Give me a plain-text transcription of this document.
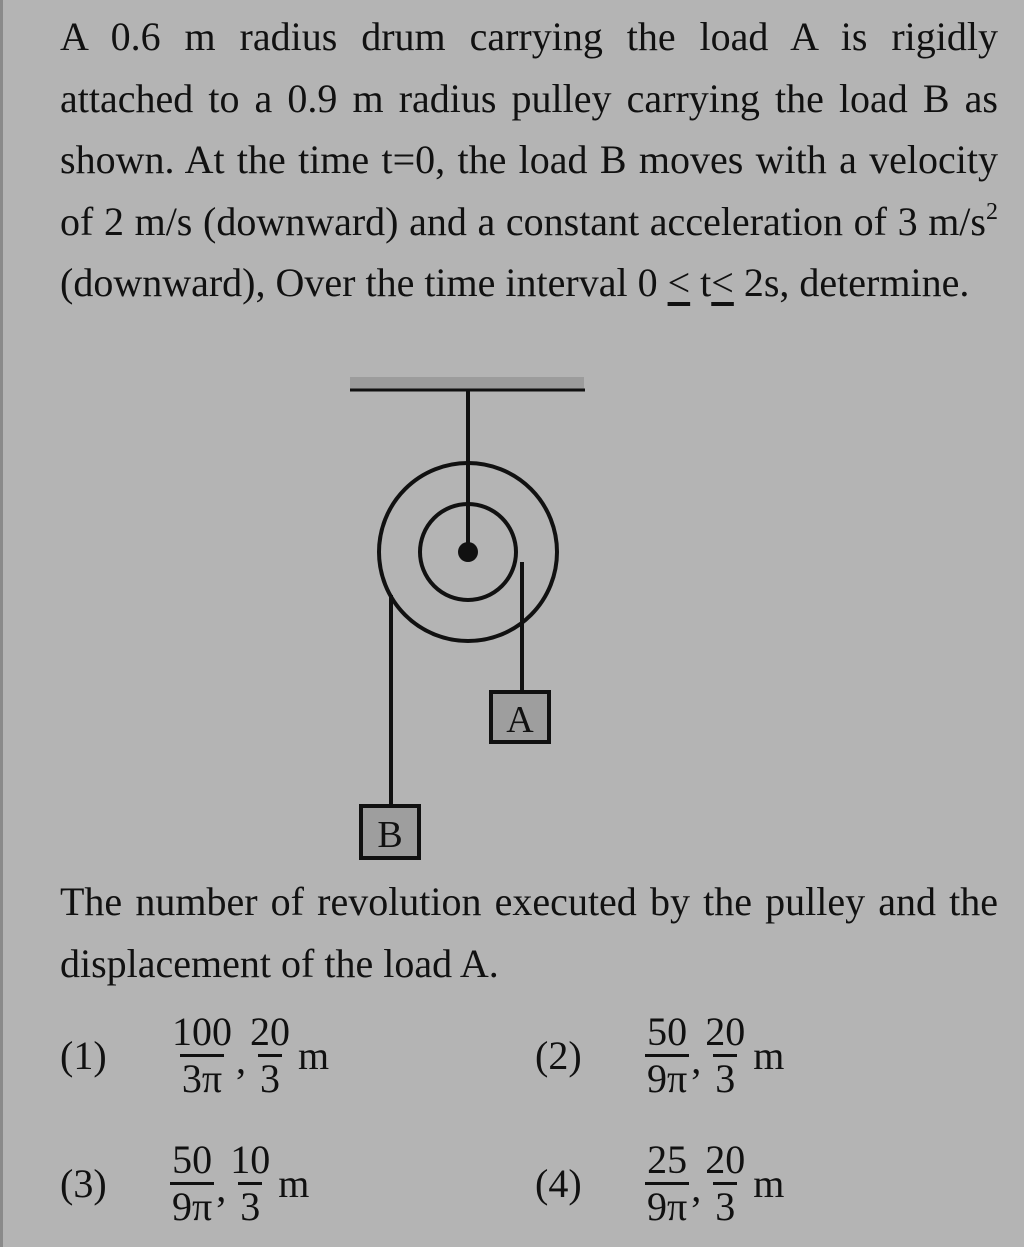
A 0.6 m radius drum carrying the load A is rigidly attached to a 0.9 m radius pulley carrying the load B as shown. At the time t=0, the load B moves with a velocity of 2 m/s (downward) and a constant acceleration of 3 $m/s^2$ (downward), Over the time interval 0 ≤ t≤ 2s, determine.
A
B
The number of revolution executed by the pulley and the displacement of the load A.
(1)	$\frac{100}{3\pi}$ , $\frac{20}{3}$ m	(2)	$\frac{50}{9\pi}$ , $\frac{20}{3}$ m
(3)	$\frac{50}{9\pi}$ , $\frac{10}{3}$ m	(4)	$\frac{25}{9\pi}$ , $\frac{20}{3}$ m
